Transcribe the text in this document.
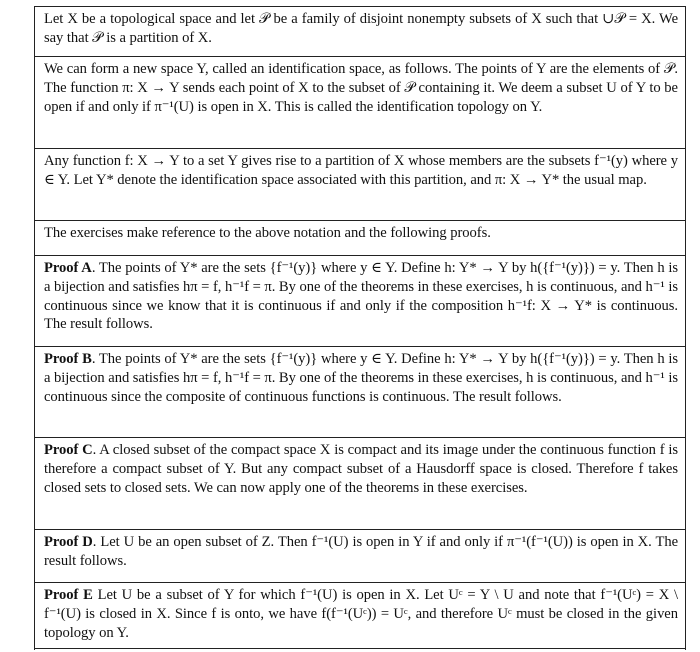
Let X be a topological space and let 𝒫 be a family of disjoint nonempty subsets of X such that ∪𝒫 = X. We say that 𝒫 is a partition of X.
We can form a new space Y, called an identification space, as follows. The points of Y are the elements of 𝒫. The function π: X → Y sends each point of X to the subset of 𝒫 containing it. We deem a subset U of Y to be open if and only if π⁻¹(U) is open in X. This is called the identification topology on Y.
Any function f: X → Y to a set Y gives rise to a partition of X whose members are the subsets f⁻¹(y) where y ∈ Y. Let Y* denote the identification space associated with this partition, and π: X → Y* the usual map.
The exercises make reference to the above notation and the following proofs.
Proof A. The points of Y* are the sets {f⁻¹(y)} where y ∈ Y. Define h: Y* → Y by h({f⁻¹(y)}) = y. Then h is a bijection and satisfies hπ = f, h⁻¹f = π. By one of the theorems in these exercises, h is continuous, and h⁻¹ is continuous since we know that it is continuous if and only if the composition h⁻¹f: X → Y* is continuous. The result follows.
Proof B. The points of Y* are the sets {f⁻¹(y)} where y ∈ Y. Define h: Y* → Y by h({f⁻¹(y)}) = y. Then h is a bijection and satisfies hπ = f, h⁻¹f = π. By one of the theorems in these exercises, h is continuous, and h⁻¹ is continuous since the composite of continuous functions is continuous. The result follows.
Proof C. A closed subset of the compact space X is compact and its image under the continuous function f is therefore a compact subset of Y. But any compact subset of a Hausdorff space is closed. Therefore f takes closed sets to closed sets. We can now apply one of the theorems in these exercises.
Proof D. Let U be an open subset of Z. Then f⁻¹(U) is open in Y if and only if π⁻¹(f⁻¹(U)) is open in X. The result follows.
Proof E Let U be a subset of Y for which f⁻¹(U) is open in X. Let Uᶜ = Y \ U and note that f⁻¹(Uᶜ) = X \ f⁻¹(U) is closed in X. Since f is onto, we have f(f⁻¹(Uᶜ)) = Uᶜ, and therefore Uᶜ must be closed in the given topology on Y.
